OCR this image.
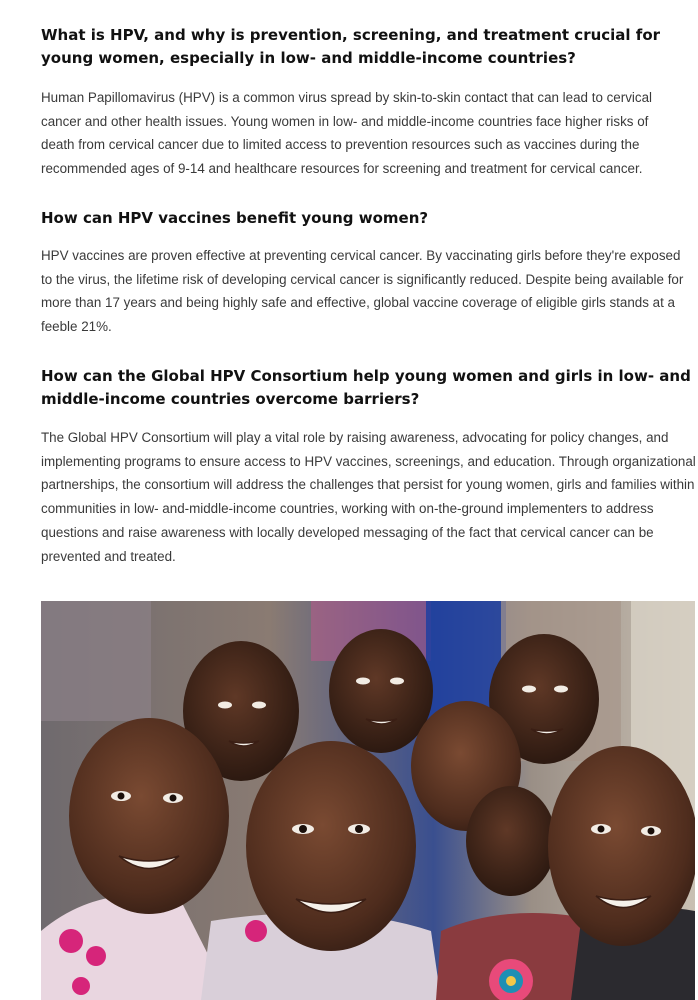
What is HPV, and why is prevention, screening, and treatment crucial for young women, especially in low- and middle-income countries?

Human Papillomavirus (HPV) is a common virus spread by skin-to-skin contact that can lead to cervical cancer and other health issues. Young women in low- and middle-income countries face higher risks of death from cervical cancer due to limited access to prevention resources such as vaccines during the recommended ages of 9-14 and healthcare resources for screening and treatment for cervical cancer.

How can HPV vaccines benefit young women?

HPV vaccines are proven effective at preventing cervical cancer. By vaccinating girls before they're exposed to the virus, the lifetime risk of developing cervical cancer is significantly reduced. Despite being available for more than 17 years and being highly safe and effective, global vaccine coverage of eligible girls stands at a feeble 21%.

How can the Global HPV Consortium help young women and girls in low- and middle-income countries overcome barriers?

The Global HPV Consortium will play a vital role by raising awareness, advocating for policy changes, and implementing programs to ensure access to HPV vaccines, screenings, and education. Through organizational partnerships, the consortium will address the challenges that persist for young women, girls and families within communities in low- and-middle-income countries, working with on-the-ground implementers to address questions and raise awareness with locally developed messaging of the fact that cervical cancer can be prevented and treated.
